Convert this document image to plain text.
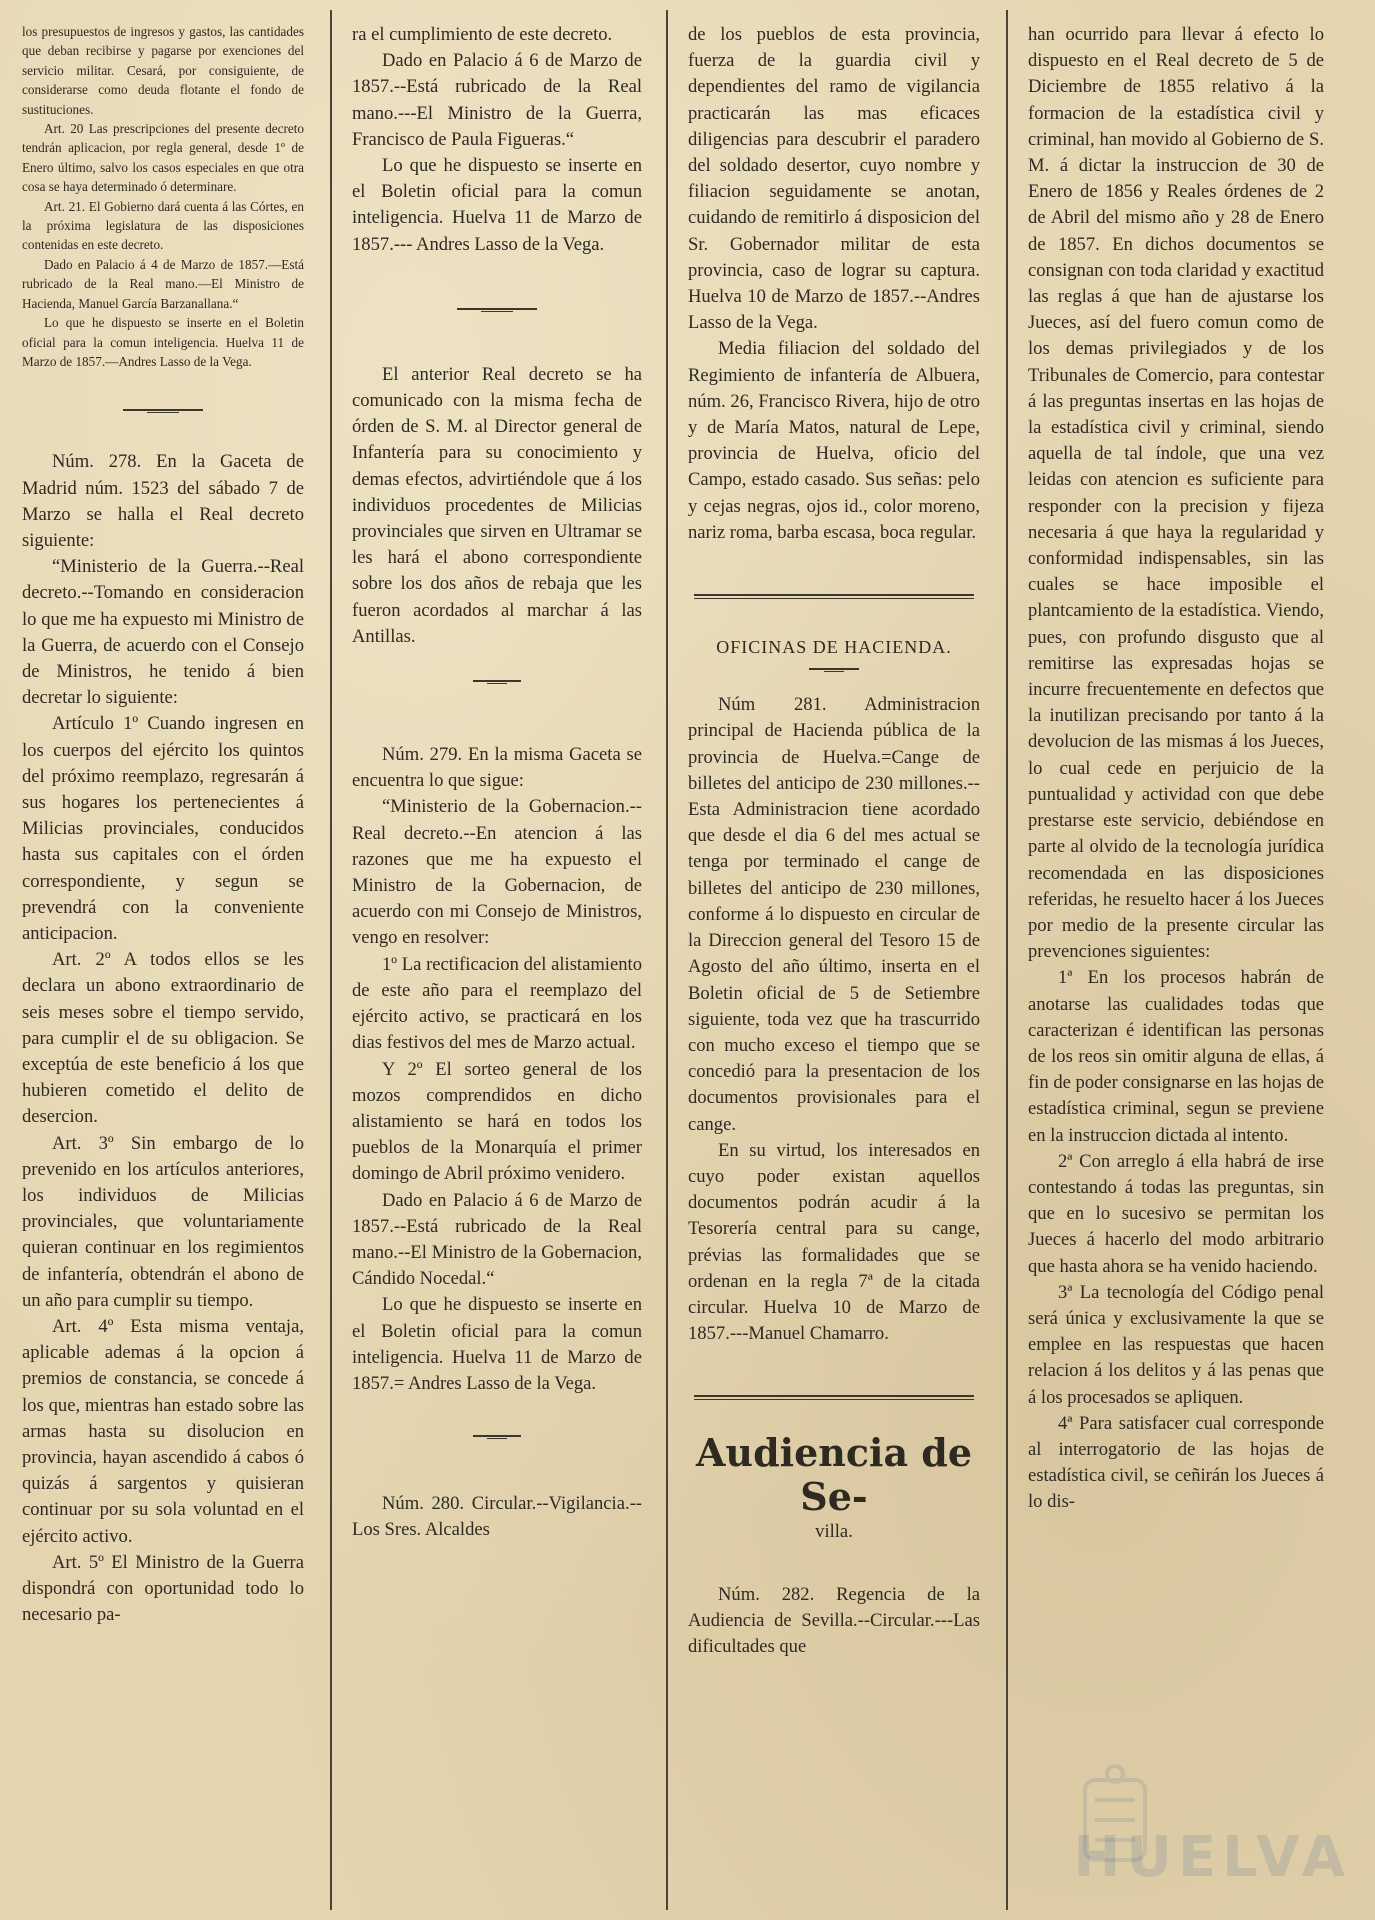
los presupuestos de ingresos y gastos, las cantidades que deban recibirse y pagarse por exenciones del servicio militar. Cesará, por consiguiente, de considerarse como deuda flotante el fondo de sustituciones.

Art. 20 Las prescripciones del presente decreto tendrán aplicacion, por regla general, desde 1º de Enero último, salvo los casos especiales en que otra cosa se haya determinado ó determinare.

Art. 21. El Gobierno dará cuenta á las Córtes, en la próxima legislatura de las disposiciones contenidas en este decreto.

Dado en Palacio á 4 de Marzo de 1857.—Está rubricado de la Real mano.—El Ministro de Hacienda, Manuel García Barzanallana.“

Lo que he dispuesto se inserte en el Boletin oficial para la comun inteligencia. Huelva 11 de Marzo de 1857.—Andres Lasso de la Vega.

Núm. 278. En la Gaceta de Madrid núm. 1523 del sábado 7 de Marzo se halla el Real decreto siguiente:

“Ministerio de la Guerra.--Real decreto.--Tomando en consideracion lo que me ha expuesto mi Ministro de la Guerra, de acuerdo con el Consejo de Ministros, he tenido á bien decretar lo siguiente:

Artículo 1º Cuando ingresen en los cuerpos del ejército los quintos del próximo reemplazo, regresarán á sus hogares los pertenecientes á Milicias provinciales, conducidos hasta sus capitales con el órden correspondiente, y segun se prevendrá con la conveniente anticipacion.

Art. 2º A todos ellos se les declara un abono extraordinario de seis meses sobre el tiempo servido, para cumplir el de su obligacion. Se exceptúa de este beneficio á los que hubieren cometido el delito de desercion.

Art. 3º Sin embargo de lo prevenido en los artículos anteriores, los individuos de Milicias provinciales, que voluntariamente quieran continuar en los regimientos de infantería, obtendrán el abono de un año para cumplir su tiempo.

Art. 4º Esta misma ventaja, aplicable ademas á la opcion á premios de constancia, se concede á los que, mientras han estado sobre las armas hasta su disolucion en provincia, hayan ascendido á cabos ó quizás á sargentos y quisieran continuar por su sola voluntad en el ejército activo.

Art. 5º El Ministro de la Guerra dispondrá con oportunidad todo lo necesario pa-

ra el cumplimiento de este decreto.

Dado en Palacio á 6 de Marzo de 1857.--Está rubricado de la Real mano.---El Ministro de la Guerra, Francisco de Paula Figueras.“

Lo que he dispuesto se inserte en el Boletin oficial para la comun inteligencia. Huelva 11 de Marzo de 1857.--- Andres Lasso de la Vega.

El anterior Real decreto se ha comunicado con la misma fecha de órden de S. M. al Director general de Infantería para su conocimiento y demas efectos, advirtiéndole que á los individuos procedentes de Milicias provinciales que sirven en Ultramar se les hará el abono correspondiente sobre los dos años de rebaja que les fueron acordados al marchar á las Antillas.

Núm. 279. En la misma Gaceta se encuentra lo que sigue:

“Ministerio de la Gobernacion.--Real decreto.--En atencion á las razones que me ha expuesto el Ministro de la Gobernacion, de acuerdo con mi Consejo de Ministros, vengo en resolver:

1º La rectificacion del alistamiento de este año para el reemplazo del ejército activo, se practicará en los dias festivos del mes de Marzo actual.

Y 2º El sorteo general de los mozos comprendidos en dicho alistamiento se hará en todos los pueblos de la Monarquía el primer domingo de Abril próximo venidero.

Dado en Palacio á 6 de Marzo de 1857.--Está rubricado de la Real mano.--El Ministro de la Gobernacion, Cándido Nocedal.“

Lo que he dispuesto se inserte en el Boletin oficial para la comun inteligencia. Huelva 11 de Marzo de 1857.= Andres Lasso de la Vega.

Núm. 280. Circular.--Vigilancia.--Los Sres. Alcaldes

de los pueblos de esta provincia, fuerza de la guardia civil y dependientes del ramo de vigilancia practicarán las mas eficaces diligencias para descubrir el paradero del soldado desertor, cuyo nombre y filiacion seguidamente se anotan, cuidando de remitirlo á disposicion del Sr. Gobernador militar de esta provincia, caso de lograr su captura. Huelva 10 de Marzo de 1857.--Andres Lasso de la Vega.

Media filiacion del soldado del Regimiento de infantería de Albuera, núm. 26, Francisco Rivera, hijo de otro y de María Matos, natural de Lepe, provincia de Huelva, oficio del Campo, estado casado. Sus señas: pelo y cejas negras, ojos id., color moreno, nariz roma, barba escasa, boca regular.

OFICINAS DE HACIENDA.

Núm 281. Administracion principal de Hacienda pública de la provincia de Huelva.=Cange de billetes del anticipo de 230 millones.--Esta Administracion tiene acordado que desde el dia 6 del mes actual se tenga por terminado el cange de billetes del anticipo de 230 millones, conforme á lo dispuesto en circular de la Direccion general del Tesoro 15 de Agosto del año último, inserta en el Boletin oficial de 5 de Setiembre siguiente, toda vez que ha trascurrido con mucho exceso el tiempo que se concedió para la presentacion de los documentos provisionales para el cange.

En su virtud, los interesados en cuyo poder existan aquellos documentos podrán acudir á la Tesorería central para su cange, prévias las formalidades que se ordenan en la regla 7ª de la citada circular. Huelva 10 de Marzo de 1857.---Manuel Chamarro.

Audiencia de Se-

villa.

Núm. 282. Regencia de la Audiencia de Sevilla.--Circular.---Las dificultades que

han ocurrido para llevar á efecto lo dispuesto en el Real decreto de 5 de Diciembre de 1855 relativo á la formacion de la estadística civil y criminal, han movido al Gobierno de S. M. á dictar la instruccion de 30 de Enero de 1856 y Reales órdenes de 2 de Abril del mismo año y 28 de Enero de 1857. En dichos documentos se consignan con toda claridad y exactitud las reglas á que han de ajustarse los Jueces, así del fuero comun como de los demas privilegiados y de los Tribunales de Comercio, para contestar á las preguntas insertas en las hojas de la estadística civil y criminal, siendo aquella de tal índole, que una vez leidas con atencion es suficiente para responder con la precision y fijeza necesaria á que haya la regularidad y conformidad indispensables, sin las cuales se hace imposible el plantcamiento de la estadística. Viendo, pues, con profundo disgusto que al remitirse las expresadas hojas se incurre frecuentemente en defectos que la inutilizan precisando por tanto á la devolucion de las mismas á los Jueces, lo cual cede en perjuicio de la puntualidad y actividad con que debe prestarse este servicio, debiéndose en parte al olvido de la tecnología jurídica recomendada en las disposiciones referidas, he resuelto hacer á los Jueces por medio de la presente circular las prevenciones siguientes:

1ª En los procesos habrán de anotarse las cualidades todas que caracterizan é identifican las personas de los reos sin omitir alguna de ellas, á fin de poder consignarse en las hojas de estadística criminal, segun se previene en la instruccion dictada al intento.

2ª Con arreglo á ella habrá de irse contestando á todas las preguntas, sin que en lo sucesivo se permitan los Jueces á hacerlo del modo arbitrario que hasta ahora se ha venido haciendo.

3ª La tecnología del Código penal será única y exclusivamente la que se emplee en las respuestas que hacen relacion á los delitos y á las penas que á los procesados se apliquen.

4ª Para satisfacer cual corresponde al interrogatorio de las hojas de estadística civil, se ceñirán los Jueces á lo dis-

HUELVA
